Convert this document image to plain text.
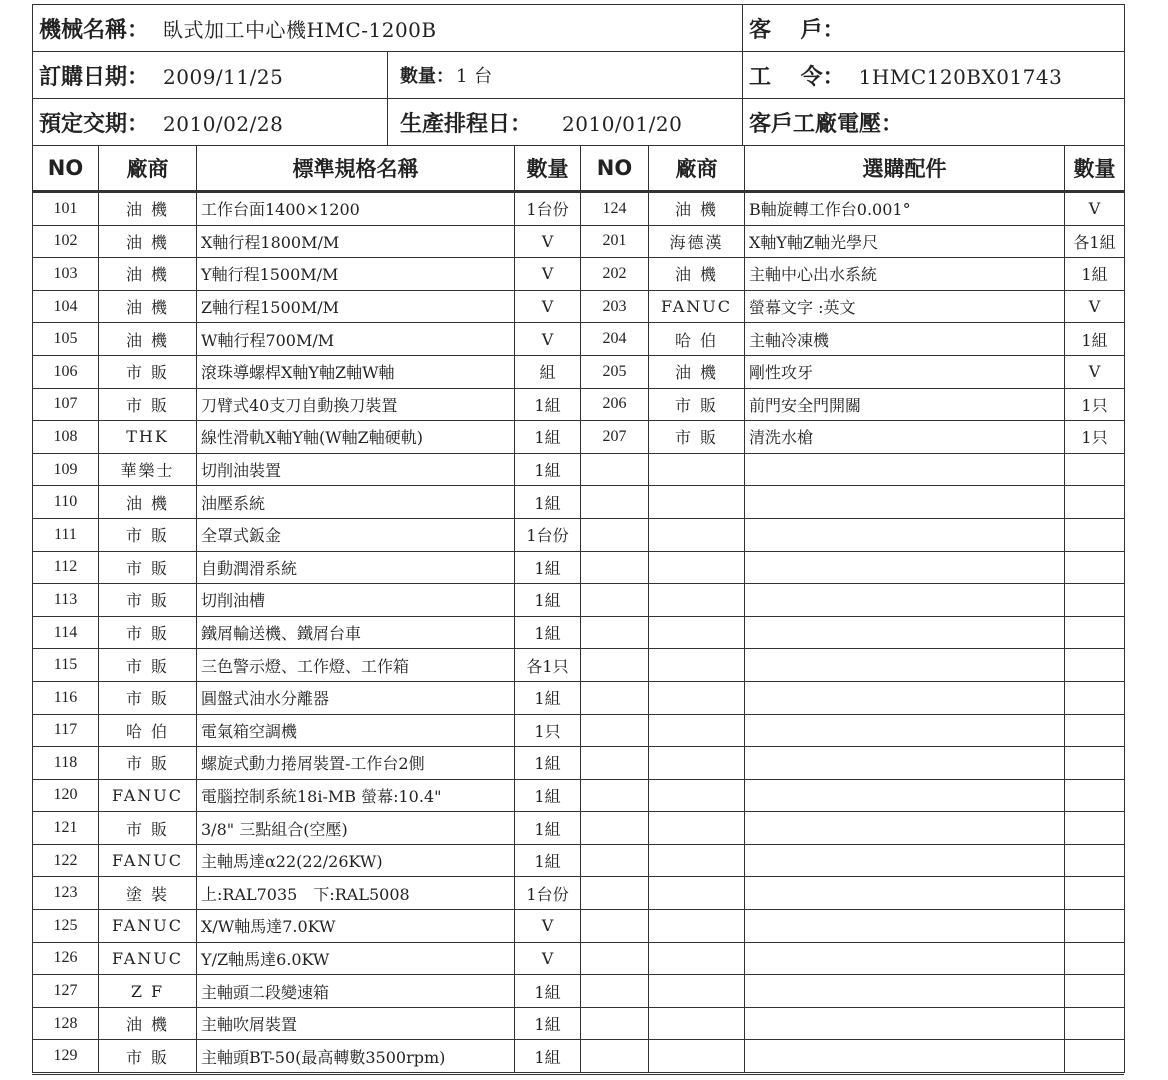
機械名稱： 臥式加工中心機HMC-1200B		客　 戶：
訂購日期： 2009/11/25	數量： 1 台	工　 令： 1HMC120BX01743
預定交期： 2010/02/28	生產排程日： 2010/01/20	客戶工廠電壓：
NO	廠商	標準規格名稱	數量	NO	廠商	選購配件	數量
101	油 機	工作台面1400×1200	1台份	124	油 機	B軸旋轉工作台0.001°	V
102	油 機	X軸行程1800M/M	V	201	海德漢	X軸Y軸Z軸光學尺	各1組
103	油 機	Y軸行程1500M/M	V	202	油 機	主軸中心出水系統	1組
104	油 機	Z軸行程1500M/M	V	203	FANUC	螢幕文字 :英文	V
105	油 機	W軸行程700M/M	V	204	哈 伯	主軸冷凍機	1組
106	市 販	滾珠導螺桿X軸Y軸Z軸W軸	組	205	油 機	剛性攻牙	V
107	市 販	刀臂式40支刀自動換刀裝置	1組	206	市 販	前門安全門開關	1只
108	THK	線性滑軌X軸Y軸(W軸Z軸硬軌)	1組	207	市 販	清洗水槍	1只
109	華樂士	切削油裝置	1組				
110	油 機	油壓系統	1組				
111	市 販	全罩式鈑金	1台份				
112	市 販	自動潤滑系統	1組				
113	市 販	切削油槽	1組				
114	市 販	鐵屑輸送機、鐵屑台車	1組				
115	市 販	三色警示燈、工作燈、工作箱	各1只				
116	市 販	圓盤式油水分離器	1組				
117	哈 伯	電氣箱空調機	1只				
118	市 販	螺旋式動力捲屑裝置-工作台2側	1組				
120	FANUC	電腦控制系統18i-MB 螢幕:10.4"	1組				
121	市 販	3/8" 三點組合(空壓)	1組				
122	FANUC	主軸馬達α22(22/26KW)	1組				
123	塗 裝	上:RAL7035　下:RAL5008	1台份				
125	FANUC	X/W軸馬達7.0KW	V				
126	FANUC	Y/Z軸馬達6.0KW	V				
127	Z F	主軸頭二段變速箱	1組				
128	油 機	主軸吹屑裝置	1組				
129	市 販	主軸頭BT-50(最高轉數3500rpm)	1組				
